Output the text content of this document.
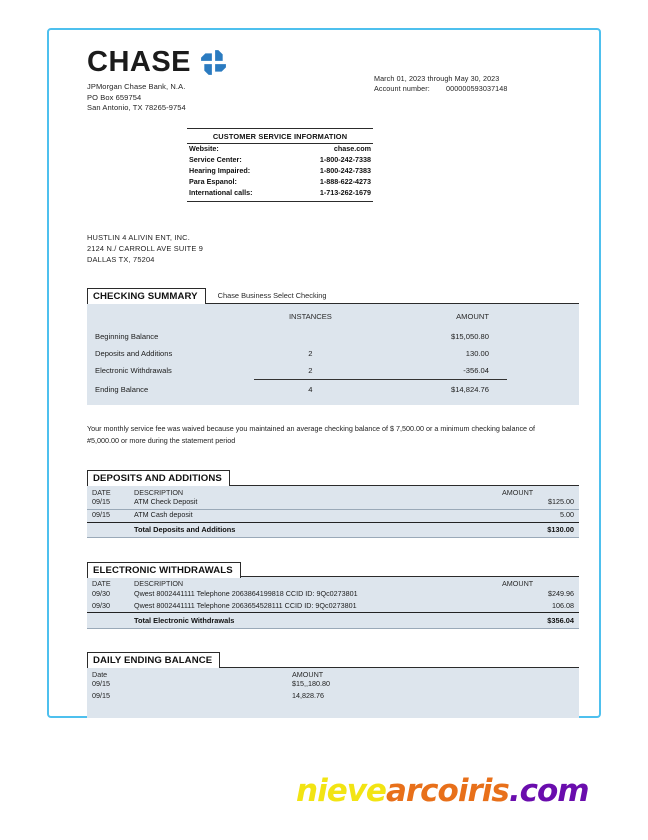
CHASE
JPMorgan Chase Bank, N.A.
PO Box 659754
San Antonio, TX 78265-9754
March 01, 2023 through May 30, 2023
Account number:	000000593037148
CUSTOMER SERVICE INFORMATION
Website:	chase.com
Service Center:	1-800-242-7338
Hearing Impaired:	1-800-242-7383
Para Espanol:	1-888-622-4273
International calls:	1-713-262-1679
HUSTLIN 4 ALIVIN ENT, INC.
2124 N./ CARROLL AVE SUITE 9
DALLAS TX, 75204
CHECKING SUMMARY	Chase Business Select Checking
	INSTANCES	AMOUNT
Beginning Balance		$15,050.80
Deposits and Additions	2	130.00
Electronic Withdrawals	2	-356.04
Ending Balance	4	$14,824.76
Your monthly service fee was waived because you maintained an average checking balance of $ 7,500.00 or a minimum checking balance of #5,000.00 or more during the statement period
DEPOSITS AND ADDITIONS
DATE	DESCRIPTION	AMOUNT
09/15	ATM Check Deposit	$125.00
09/15	ATM Cash deposit	5.00
	Total Deposits and Additions	$130.00
ELECTRONIC WITHDRAWALS
DATE	DESCRIPTION	AMOUNT
09/30	Qwest 8002441111 Telephone 2063864199818 CCID ID: 9Qc0273801	$249.96
09/30	Qwest 8002441111 Telephone 2063654528111 CCID ID: 9Qc0273801	106.08
	Total Electronic Withdrawals	$356.04
DAILY ENDING BALANCE
Date	AMOUNT
09/15	$15,,180.80
09/15	14,828.76

nievearcoiris.com
